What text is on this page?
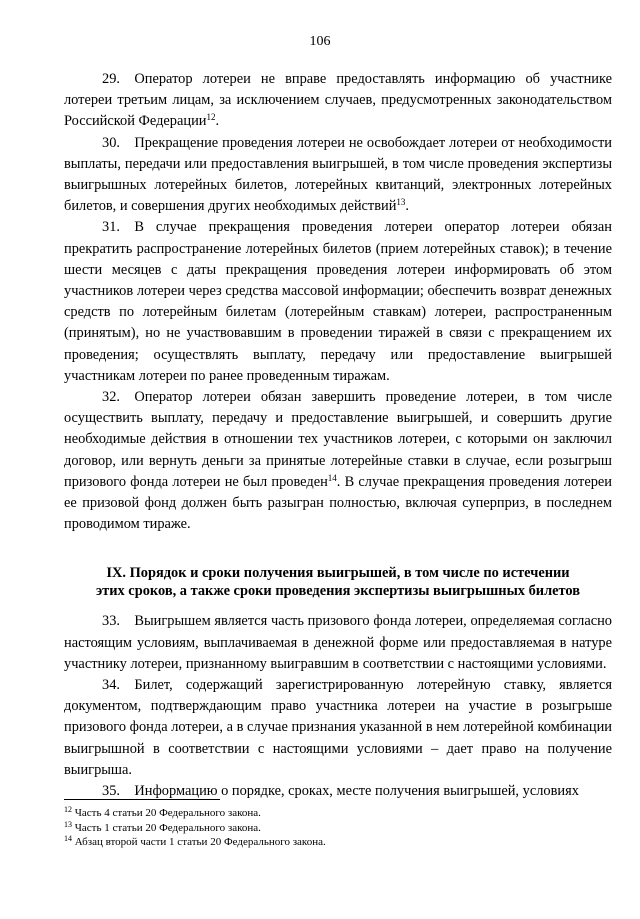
106

29. Оператор лотереи не вправе предоставлять информацию об участнике лотереи третьим лицам, за исключением случаев, предусмотренных законодательством Российской Федерации$^{12}$.

30. Прекращение проведения лотереи не освобождает лотереи от необходимости выплаты, передачи или предоставления выигрышей, в том числе проведения экспертизы выигрышных лотерейных билетов, лотерейных квитанций, электронных лотерейных билетов, и совершения других необходимых действий$^{13}$.

31. В случае прекращения проведения лотереи оператор лотереи обязан прекратить распространение лотерейных билетов (прием лотерейных ставок); в течение шести месяцев с даты прекращения проведения лотереи информировать об этом участников лотереи через средства массовой информации; обеспечить возврат денежных средств по лотерейным билетам (лотерейным ставкам) лотереи, распространенным (принятым), но не участвовавшим в проведении тиражей в связи с прекращением их проведения; осуществлять выплату, передачу или предоставление выигрышей участникам лотереи по ранее проведенным тиражам.

32. Оператор лотереи обязан завершить проведение лотереи, в том числе осуществить выплату, передачу и предоставление выигрышей, и совершить другие необходимые действия в отношении тех участников лотереи, с которыми он заключил договор, или вернуть деньги за принятые лотерейные ставки в случае, если розыгрыш призового фонда лотереи не был проведен$^{14}$. В случае прекращения проведения лотереи ее призовой фонд должен быть разыгран полностью, включая суперприз, в последнем проводимом тираже.

IX. Порядок и сроки получения выигрышей, в том числе по истечении
этих сроков, а также сроки проведения экспертизы выигрышных билетов

33. Выигрышем является часть призового фонда лотереи, определяемая согласно настоящим условиям, выплачиваемая в денежной форме или предоставляемая в натуре участнику лотереи, признанному выигравшим в соответствии с настоящими условиями.

34. Билет, содержащий зарегистрированную лотерейную ставку, является документом, подтверждающим право участника лотереи на участие в розыгрыше призового фонда лотереи, а в случае признания указанной в нем лотерейной комбинации выигрышной в соответствии с настоящими условиями – дает право на получение выигрыша.

35. Информацию о порядке, сроках, месте получения выигрышей, условиях

$^{12}$ Часть 4 статьи 20 Федерального закона.

$^{13}$ Часть 1 статьи 20 Федерального закона.

$^{14}$ Абзац второй части 1 статьи 20 Федерального закона.
